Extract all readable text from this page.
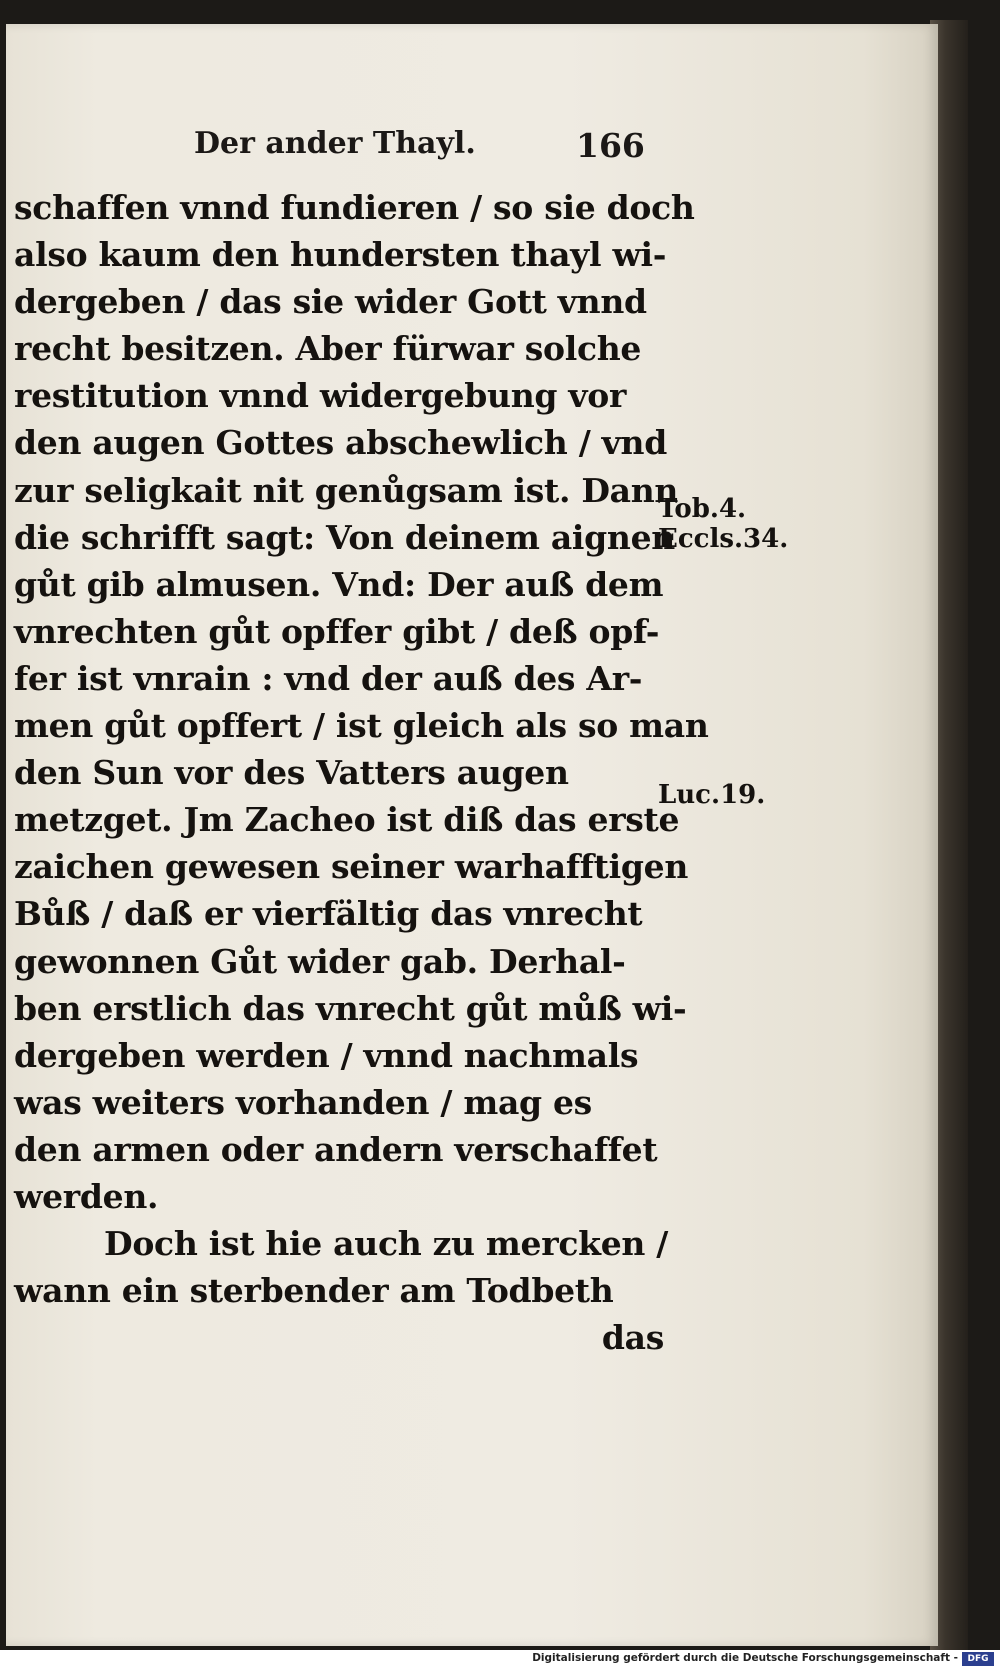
Der ander Thayl.	166
schaffen vnnd fundieren / so sie doch
also kaum den hundersten thayl wi-
dergeben / das sie wider Gott vnnd
recht besitzen. Aber fürwar solche
restitution vnnd widergebung vor
den augen Gottes abschewlich / vnd
zur seligkait nit genůgsam ist. Dann
die schrifft sagt: Von deinem aignen
gůt gib almusen. Vnd: Der auß dem
vnrechten gůt opffer gibt / deß opf-
fer ist vnrain : vnd der auß des Ar-
men gůt opffert / ist gleich als so man
den Sun vor des Vatters augen
metzget. Jm Zacheo ist diß das erste
zaichen gewesen seiner warhafftigen
Bůß / daß er vierfältig das vnrecht
gewonnen Gůt wider gab. Derhal-
ben erstlich das vnrecht gůt můß wi-
dergeben werden / vnnd nachmals
was weiters vorhanden / mag es
den armen oder andern verschaffet
werden.
Doch ist hie auch zu mercken /
wann ein sterbender am Todbeth
das
Tob.4.
Eccls.34.
Luc.19.
Digitalisierung gefördert durch die Deutsche Forschungsgemeinschaft -	DFG
